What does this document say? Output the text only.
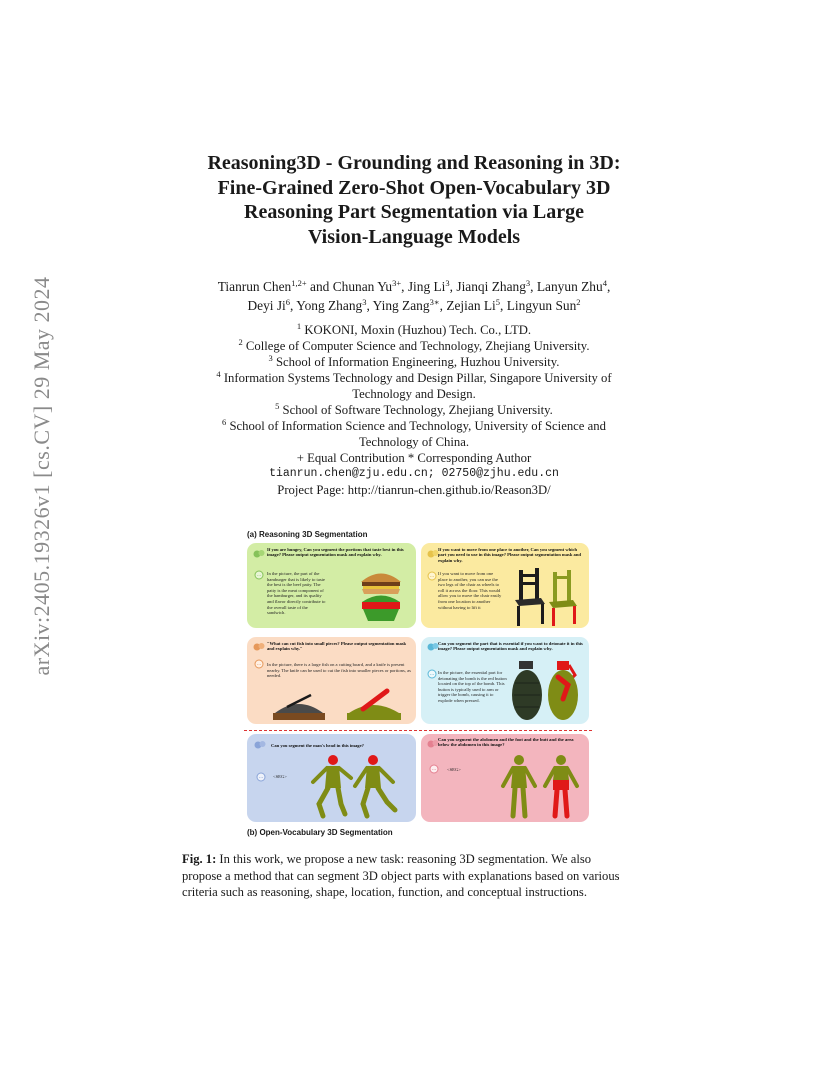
arXiv:2405.19326v1 [cs.CV] 29 May 2024
Reasoning3D - Grounding and Reasoning in 3D:
Fine-Grained Zero-Shot Open-Vocabulary 3D
Reasoning Part Segmentation via Large
Vision-Language Models
Tianrun Chen$^{1,2+}$ and Chunan $Yu^{3+}$, Jing Li$^3$, Jianqi Zhang$^3$, Lanyun Zhu$^4$,
Deyi Ji$^6$, Yong Zhang$^3$, Ying Zang$^{3∗}$, Zejian Li$^5$, Lingyun Sun$^2$
$^1$ KOKONI, Moxin (Huzhou) Tech. Co., LTD.
$^2$ College of Computer Science and Technology, Zhejiang University.
$^3$ School of Information Engineering, Huzhou University.
$^4$ Information Systems Technology and Design Pillar, Singapore University of
Technology and Design.
$^5$ School of Software Technology, Zhejiang University.
$^6$ School of Information Science and Technology, University of Science and
Technology of China.
+ Equal Contribution * Corresponding Author
tianrun.chen@zju.edu.cn; 02750@zjhu.edu.cn
Project Page: http://tianrun-chen.github.io/Reason3D/
(a) Reasoning 3D Segmentation
If you are hungry, Can you segment the portions that taste best in this image? Please output segmentation mask and explain why.
··· In the picture, the part of the hamburger that is likely to taste the best is the beef patty. The patty is the meat component of the hamburger, and its quality and flavor directly contribute to the overall taste of the sandwich.
If you want to move from one place to another, Can you segment which part you need to use in this image? Please output segmentation mask and explain why.
···
If you want to move from one place to another, you can use the two legs of the chair as wheels to roll it across the floor. This would allow you to move the chair easily from one location to another without having to lift it
"What can cut fish into small pieces? Please output segmentation mask and explain why."
··· In the picture, there is a large fish on a cutting board, and a knife is present nearby. The knife can be used to cut the fish into smaller pieces or portions, as needed.
Can you segment the part that is essential if you want to detonate it in this image? Please output segmentation mask and explain why.
··· In the picture, the essential part for detonating the bomb is the red button located on the top of the bomb. This button is typically used to arm or trigger the bomb, causing it to explode when pressed.
Can you segment the man's head in this image?
··· <SEG>
Can you segment the abdomen and the foot and the butt and the area below the abdomen in this image?
··· <SEG>
(b) Open-Vocabulary 3D Segmentation
Fig. 1: In this work, we propose a new task: reasoning 3D segmentation. We also
propose a method that can segment 3D object parts with explanations based on various
criteria such as reasoning, shape, location, function, and conceptual instructions.
